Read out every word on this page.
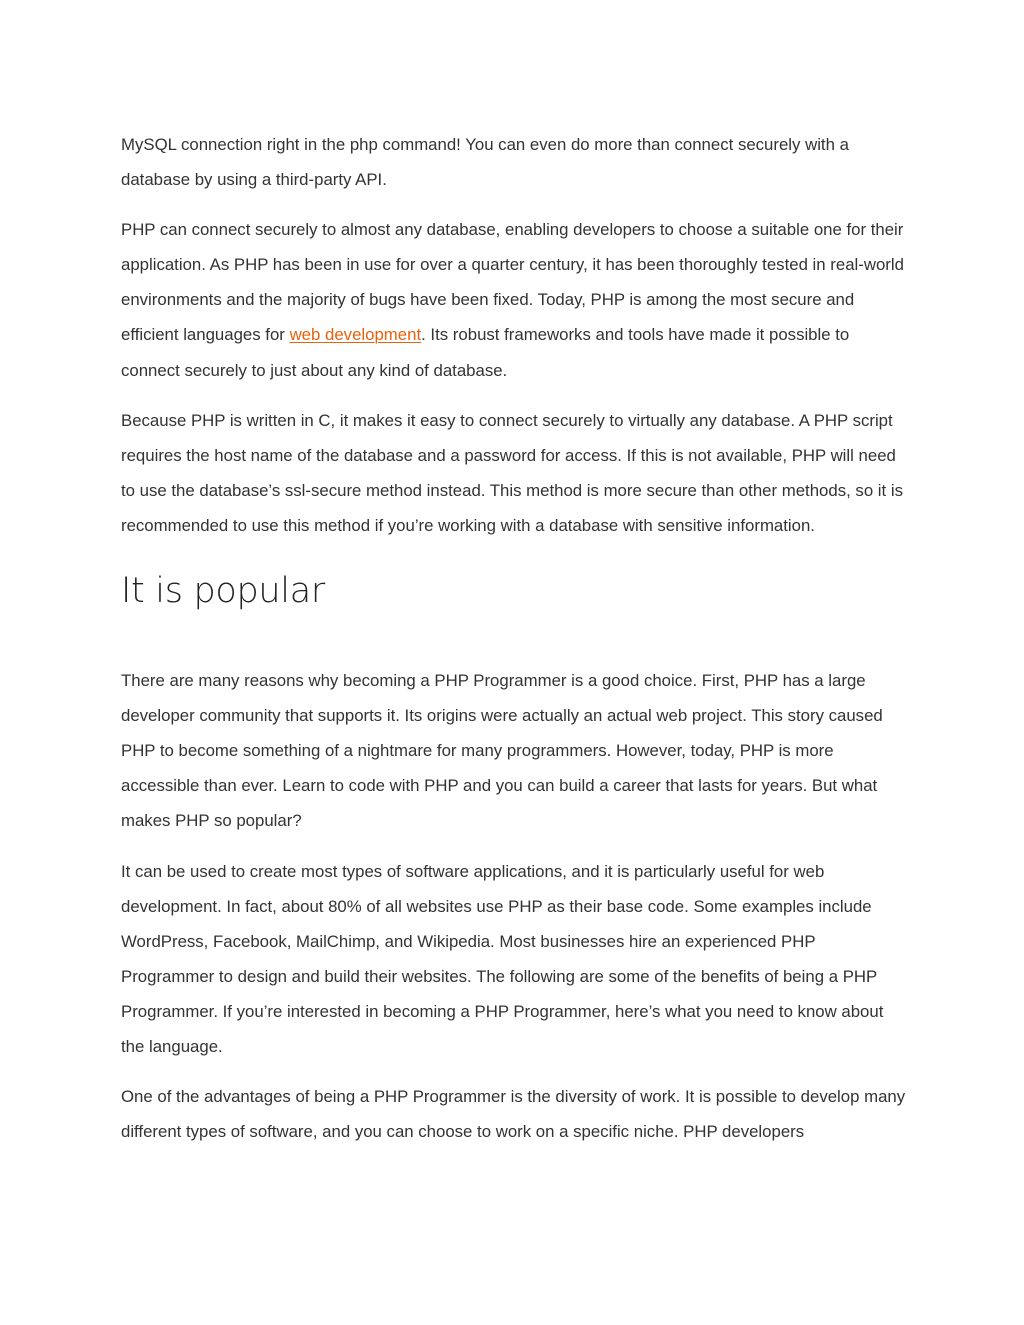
MySQL connection right in the php command! You can even do more than connect securely with a database by using a third-party API.

PHP can connect securely to almost any database, enabling developers to choose a suitable one for their application. As PHP has been in use for over a quarter century, it has been thoroughly tested in real-world environments and the majority of bugs have been fixed. Today, PHP is among the most secure and efficient languages for web development. Its robust frameworks and tools have made it possible to connect securely to just about any kind of database.

Because PHP is written in C, it makes it easy to connect securely to virtually any database. A PHP script requires the host name of the database and a password for access. If this is not available, PHP will need to use the database’s ssl-secure method instead. This method is more secure than other methods, so it is recommended to use this method if you’re working with a database with sensitive information.

It is popular

There are many reasons why becoming a PHP Programmer is a good choice. First, PHP has a large developer community that supports it. Its origins were actually an actual web project. This story caused PHP to become something of a nightmare for many programmers. However, today, PHP is more accessible than ever. Learn to code with PHP and you can build a career that lasts for years. But what makes PHP so popular?

It can be used to create most types of software applications, and it is particularly useful for web development. In fact, about 80% of all websites use PHP as their base code. Some examples include WordPress, Facebook, MailChimp, and Wikipedia. Most businesses hire an experienced PHP Programmer to design and build their websites. The following are some of the benefits of being a PHP Programmer. If you’re interested in becoming a PHP Programmer, here’s what you need to know about the language.

One of the advantages of being a PHP Programmer is the diversity of work. It is possible to develop many different types of software, and you can choose to work on a specific niche. PHP developers
